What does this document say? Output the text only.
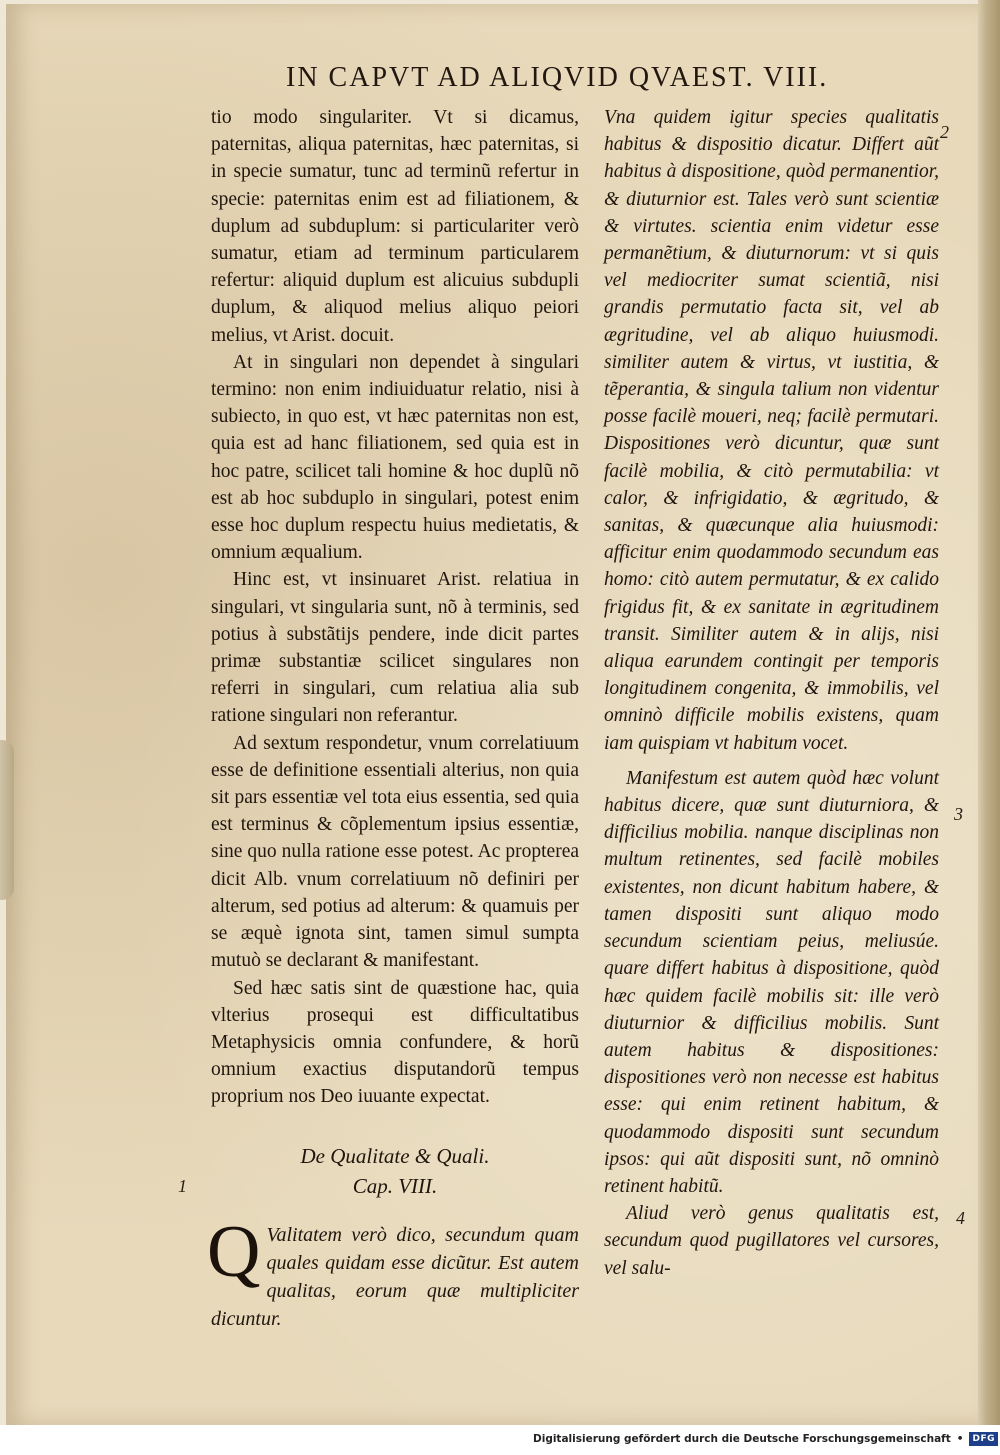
IN CAPVT AD ALIQVID QVAEST. VIII.

tio modo singulariter. Vt si dicamus, paternitas, aliqua paternitas, hæc paternitas, si in specie sumatur, tunc ad terminũ refertur in specie: paternitas enim est ad filiationem, & duplum ad subduplum: si particulariter verò sumatur, etiam ad terminum particularem refertur: aliquid duplum est alicuius subdupli duplum, & aliquod melius aliquo peiori melius, vt Arist. docuit.

At in singulari non dependet à singulari termino: non enim indiuiduatur relatio, nisi à subiecto, in quo est, vt hæc paternitas non est, quia est ad hanc filiationem, sed quia est in hoc patre, scilicet tali homine & hoc duplũ nõ est ab hoc subduplo in singulari, potest enim esse hoc duplum respectu huius medietatis, & omnium æqualium.

Hinc est, vt insinuaret Arist. relatiua in singulari, vt singularia sunt, nõ à terminis, sed potius à substãtijs pendere, inde dicit partes primæ substantiæ scilicet singulares non referri in singulari, cum relatiua alia sub ratione singulari non referantur.

Ad sextum respondetur, vnum correlatiuum esse de definitione essentiali alterius, non quia sit pars essentiæ vel tota eius essentia, sed quia est terminus & cõplementum ipsius essentiæ, sine quo nulla ratione esse potest. Ac propterea dicit Alb. vnum correlatiuum nõ definiri per alterum, sed potius ad alterum: & quamuis per se æquè ignota sint, tamen simul sumpta mutuò se declarant & manifestant.

Sed hæc satis sint de quæstione hac, quia vlterius prosequi est difficultatibus Metaphysicis omnia confundere, & horũ omnium exactius disputandorũ tempus proprium nos Deo iuuante expectat.

De Qualitate & Quali.
Cap. VIII.

Q Valitatem verò dico, secundum quam quales quidam esse dicũtur. Est autem qualitas, eorum quæ multipliciter dicuntur.

Vna quidem igitur species qualitatis habitus & dispositio dicatur. Differt aũt habitus à dispositione, quòd permanentior, & diuturnior est. Tales verò sunt scientiæ & virtutes. scientia enim videtur esse permanẽtium, & diuturnorum: vt si quis vel mediocriter sumat scientiã, nisi grandis permutatio facta sit, vel ab ægritudine, vel ab aliquo huiusmodi. similiter autem & virtus, vt iustitia, & tẽperantia, & singula talium non videntur posse facilè moueri, neq; facilè permutari. Dispositiones verò dicuntur, quæ sunt facilè mobilia, & citò permutabilia: vt calor, & infrigidatio, & ægritudo, & sanitas, & quæcunque alia huiusmodi: afficitur enim quodammodo secundum eas homo: citò autem permutatur, & ex calido frigidus fit, & ex sanitate in ægritudinem transit. Similiter autem & in alijs, nisi aliqua earundem contingit per temporis longitudinem congenita, & immobilis, vel omninò difficile mobilis existens, quam iam quispiam vt habitum vocet.

Manifestum est autem quòd hæc volunt habitus dicere, quæ sunt diuturniora, & difficilius mobilia. nanque disciplinas non multum retinentes, sed facilè mobiles existentes, non dicunt habitum habere, & tamen dispositi sunt aliquo modo secundum scientiam peius, meliusúe. quare differt habitus à dispositione, quòd hæc quidem facilè mobilis sit: ille verò diuturnior & difficilius mobilis. Sunt autem habitus & dispositiones: dispositiones verò non necesse est habitus esse: qui enim retinent habitum, & quodammodo dispositi sunt secundum ipsos: qui aũt dispositi sunt, nõ omninò retinent habitũ.

Aliud verò genus qualitatis est, secundum quod pugillatores vel cursores, vel salu-

2
3
4
1
Digitalisierung gefördert durch die Deutsche Forschungsgemeinschaft •	DFG
